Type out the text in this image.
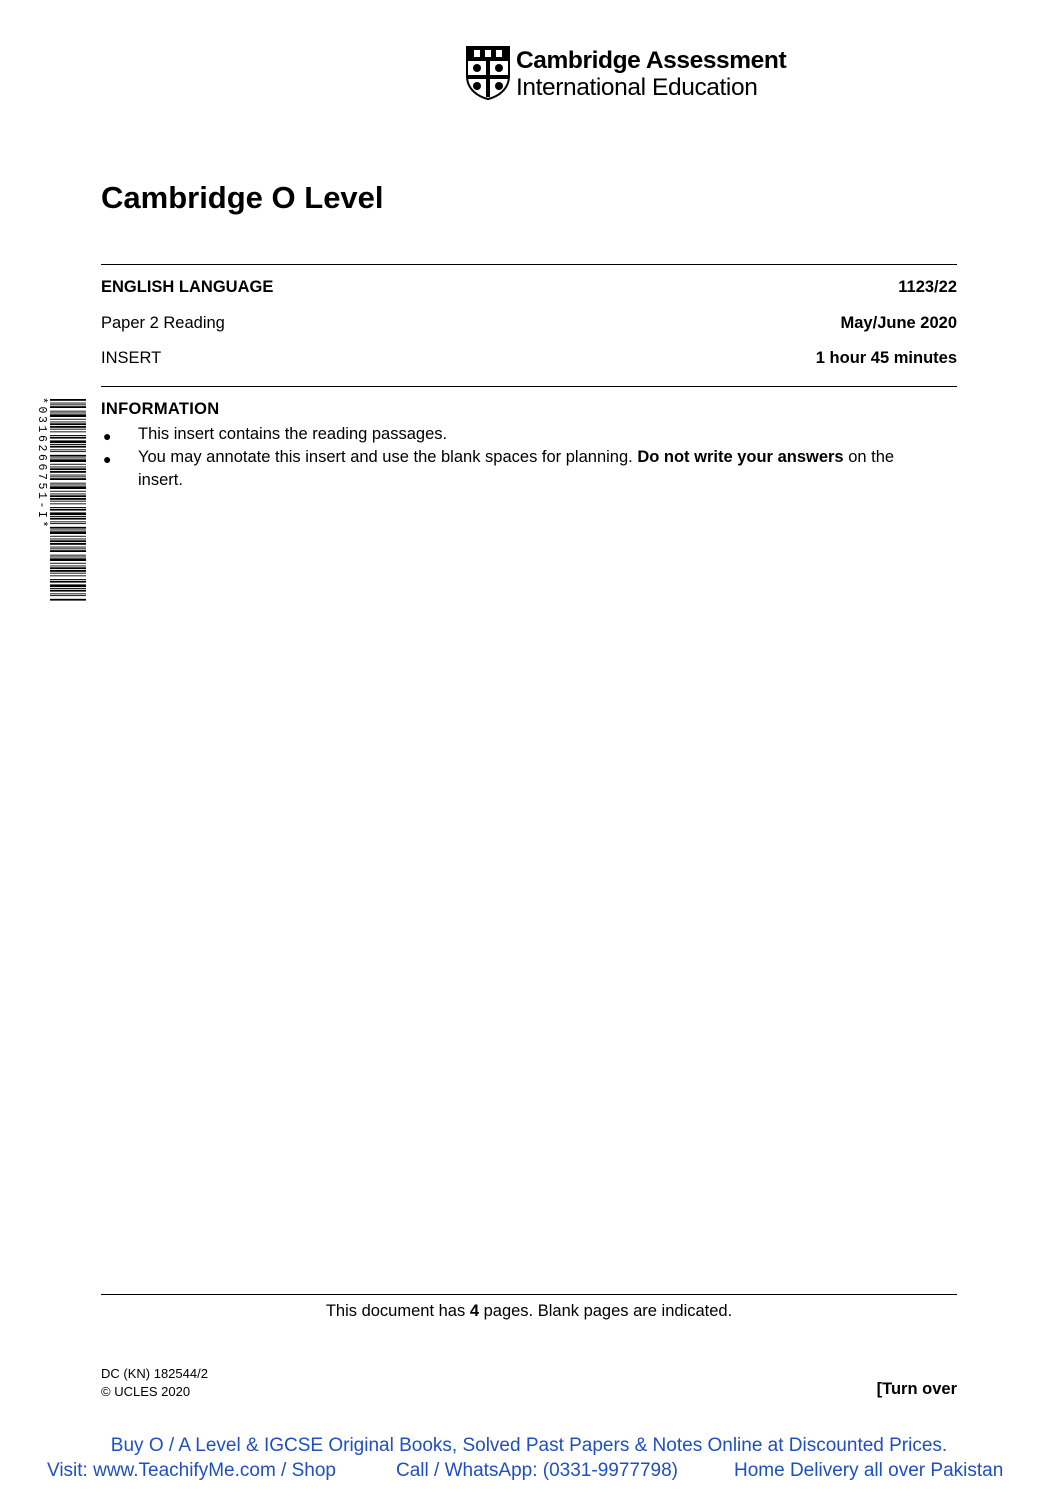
Cambridge Assessment
International Education
Cambridge O Level
ENGLISH LANGUAGE	1123/22
Paper 2 Reading	May/June 2020
INSERT	1 hour 45 minutes
*0316266751-I*	INFORMATION
● This insert contains the reading passages.
● You may annotate this insert and use the blank spaces for planning. Do not write your answers on the
insert.
This document has 4 pages. Blank pages are indicated.
DC (KN) 182544/2
© UCLES 2020	[Turn over
Buy O / A Level & IGCSE Original Books, Solved Past Papers & Notes Online at Discounted Prices.
Visit: www.TeachifyMe.com / Shop	Call / WhatsApp: (0331-9977798)	Home Delivery all over Pakistan
